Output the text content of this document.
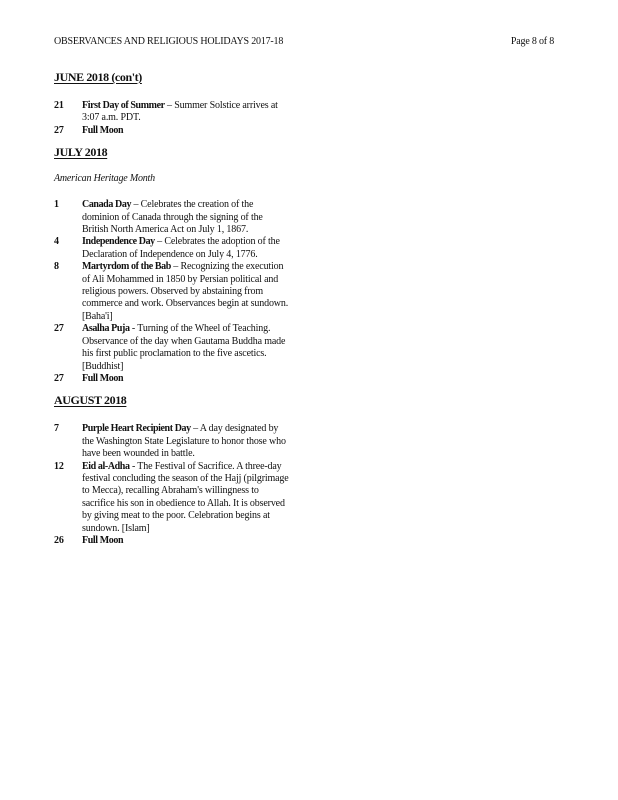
OBSERVANCES AND RELIGIOUS HOLIDAYS 2017-18	Page 8 of 8
JUNE 2018 (con't)
21 First Day of Summer – Summer Solstice arrives at 3:07 a.m. PDT.
27 Full Moon
JULY 2018
American Heritage Month
1 Canada Day – Celebrates the creation of the dominion of Canada through the signing of the British North America Act on July 1, 1867.
4 Independence Day – Celebrates the adoption of the Declaration of Independence on July 4, 1776.
8 Martyrdom of the Bab – Recognizing the execution of Ali Mohammed in 1850 by Persian political and religious powers. Observed by abstaining from commerce and work. Observances begin at sundown. [Baha'i]
27 Asalha Puja - Turning of the Wheel of Teaching. Observance of the day when Gautama Buddha made his first public proclamation to the five ascetics. [Buddhist]
27 Full Moon
AUGUST 2018
7 Purple Heart Recipient Day – A day designated by the Washington State Legislature to honor those who have been wounded in battle.
12 Eid al-Adha - The Festival of Sacrifice. A three-day festival concluding the season of the Hajj (pilgrimage to Mecca), recalling Abraham's willingness to sacrifice his son in obedience to Allah. It is observed by giving meat to the poor. Celebration begins at sundown. [Islam]
26 Full Moon
